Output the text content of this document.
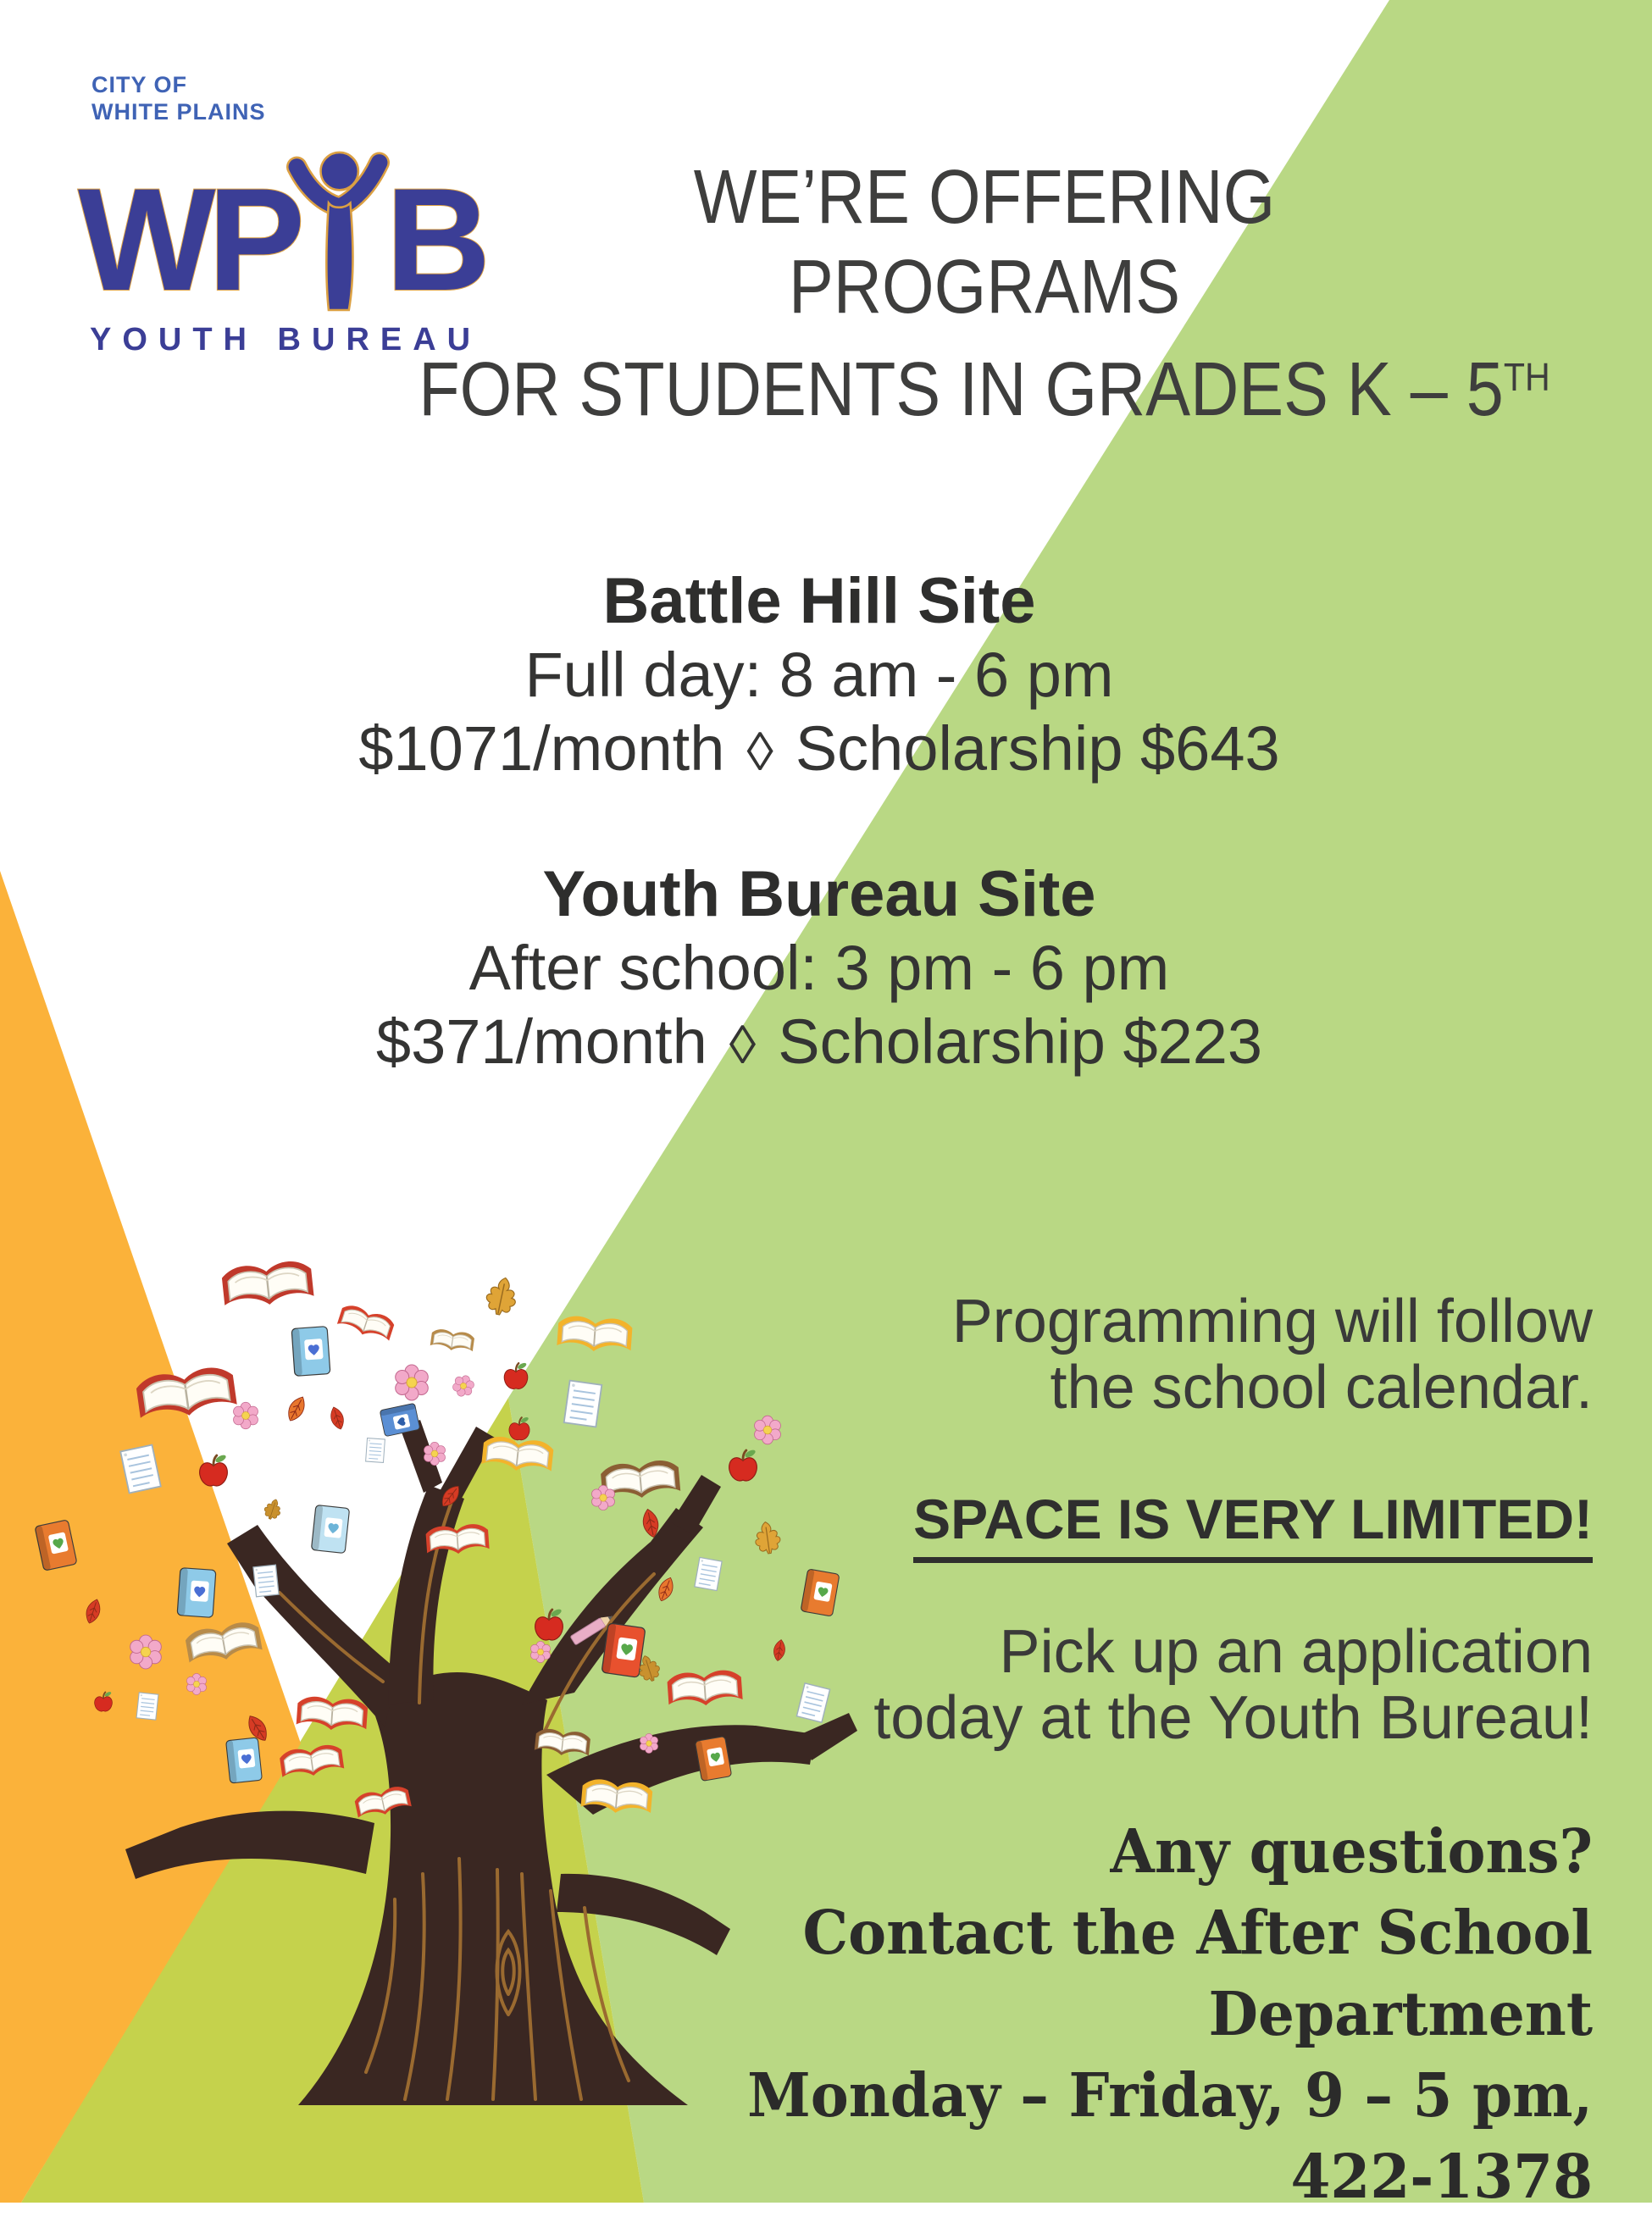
CITY OF
WHITE PLAINS
WP B
YOUTH BUREAU
WE’RE OFFERING
PROGRAMS
FOR STUDENTS IN GRADES K – 5TH
Battle Hill Site
Full day: 8 am - 6 pm
$1071/month ◊ Scholarship $643
Youth Bureau Site
After school: 3 pm - 6 pm
$371/month ◊ Scholarship $223
Programming will follow
the school calendar.
SPACE IS VERY LIMITED!
Pick up an application
today at the Youth Bureau!
Any questions?
Contact the After School Department
Monday – Friday, 9 – 5 pm,
422-1378
